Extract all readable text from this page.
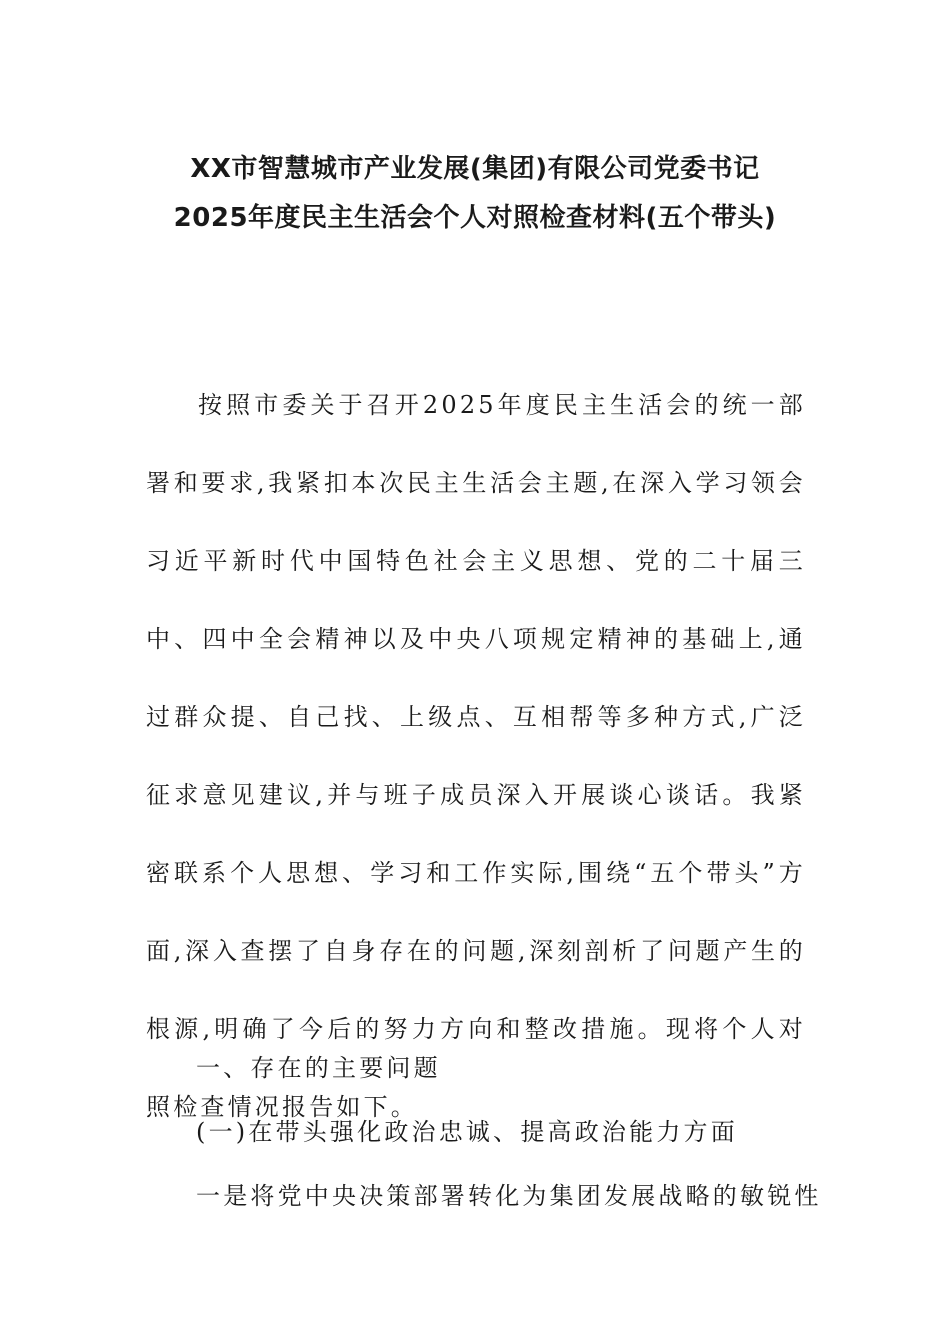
XX市智慧城市产业发展(集团)有限公司党委书记
2025年度民主生活会个人对照检查材料(五个带头)

按照市委关于召开2025年度民主生活会的统一部署和要求,我紧扣本次民主生活会主题,在深入学习领会习近平新时代中国特色社会主义思想、党的二十届三中、四中全会精神以及中央八项规定精神的基础上,通过群众提、自己找、上级点、互相帮等多种方式,广泛征求意见建议,并与班子成员深入开展谈心谈话。我紧密联系个人思想、学习和工作实际,围绕“五个带头”方面,深入查摆了自身存在的问题,深刻剖析了问题产生的根源,明确了今后的努力方向和整改措施。现将个人对照检查情况报告如下。

一、存在的主要问题

(一)在带头强化政治忠诚、提高政治能力方面

一是将党中央决策部署转化为集团发展战略的敏锐性
